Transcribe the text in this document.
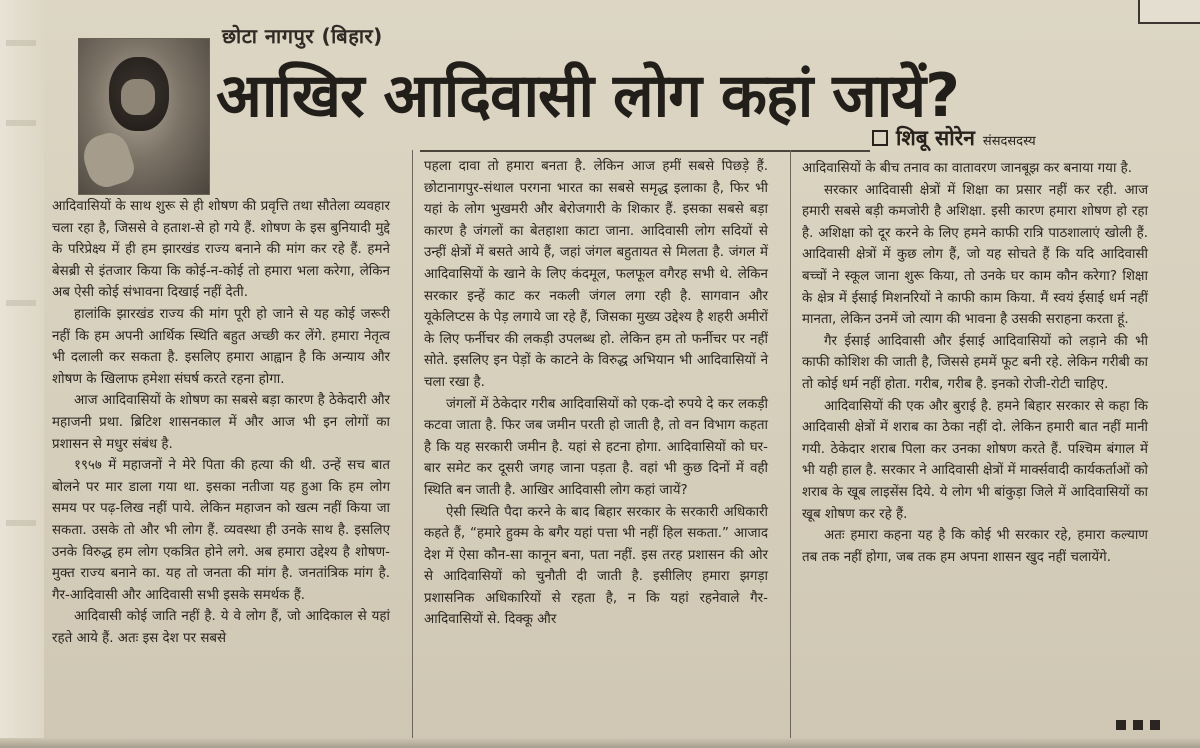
छोटा नागपुर (बिहार)
आखिर आदिवासी लोग कहां जायें?
शिबू सोरेन संसदसदस्य

आदिवासियों के साथ शुरू से ही शोषण की प्रवृत्ति तथा सौतेला व्यवहार चला रहा है, जिससे वे हताश-से हो गये हैं. शोषण के इस बुनियादी मुद्दे के परिप्रेक्ष्य में ही हम झारखंड राज्य बनाने की मांग कर रहे हैं. हमने बेसब्री से इंतजार किया कि कोई-न-कोई तो हमारा भला करेगा, लेकिन अब ऐसी कोई संभावना दिखाई नहीं देती.

हालांकि झारखंड राज्य की मांग पूरी हो जाने से यह कोई जरूरी नहीं कि हम अपनी आर्थिक स्थिति बहुत अच्छी कर लेंगे. हमारा नेतृत्व भी दलाली कर सकता है. इसलिए हमारा आह्वान है कि अन्याय और शोषण के खिलाफ हमेशा संघर्ष करते रहना होगा.

आज आदिवासियों के शोषण का सबसे बड़ा कारण है ठेकेदारी और महाजनी प्रथा. ब्रिटिश शासनकाल में और आज भी इन लोगों का प्रशासन से मधुर संबंध है.

१९५७ में महाजनों ने मेरे पिता की हत्या की थी. उन्हें सच बात बोलने पर मार डाला गया था. इसका नतीजा यह हुआ कि हम लोग समय पर पढ़-लिख नहीं पाये. लेकिन महाजन को खत्म नहीं किया जा सकता. उसके तो और भी लोग हैं. व्यवस्था ही उनके साथ है. इसलिए उनके विरुद्ध हम लोग एकत्रित होने लगे. अब हमारा उद्देश्य है शोषण-मुक्त राज्य बनाने का. यह तो जनता की मांग है. जनतांत्रिक मांग है. गैर-आदिवासी और आदिवासी सभी इसके समर्थक हैं.

आदिवासी कोई जाति नहीं है. ये वे लोग हैं, जो आदिकाल से यहां रहते आये हैं. अतः इस देश पर सबसे

पहला दावा तो हमारा बनता है. लेकिन आज हमीं सबसे पिछड़े हैं. छोटानागपुर-संथाल परगना भारत का सबसे समृद्ध इलाका है, फिर भी यहां के लोग भुखमरी और बेरोजगारी के शिकार हैं. इसका सबसे बड़ा कारण है जंगलों का बेतहाशा काटा जाना. आदिवासी लोग सदियों से उन्हीं क्षेत्रों में बसते आये हैं, जहां जंगल बहुतायत से मिलता है. जंगल में आदिवासियों के खाने के लिए कंदमूल, फलफूल वगैरह सभी थे. लेकिन सरकार इन्हें काट कर नकली जंगल लगा रही है. सागवान और यूकेलिप्टस के पेड़ लगाये जा रहे हैं, जिसका मुख्य उद्देश्य है शहरी अमीरों के लिए फर्नीचर की लकड़ी उपलब्ध हो. लेकिन हम तो फर्नीचर पर नहीं सोते. इसलिए इन पेड़ों के काटने के विरुद्ध अभियान भी आदिवासियों ने चला रखा है.

जंगलों में ठेकेदार गरीब आदिवासियों को एक-दो रुपये दे कर लकड़ी कटवा जाता है. फिर जब जमीन परती हो जाती है, तो वन विभाग कहता है कि यह सरकारी जमीन है. यहां से हटना होगा. आदिवासियों को घर-बार समेट कर दूसरी जगह जाना पड़ता है. वहां भी कुछ दिनों में वही स्थिति बन जाती है. आखिर आदिवासी लोग कहां जायें?

ऐसी स्थिति पैदा करने के बाद बिहार सरकार के सरकारी अधिकारी कहते हैं, “हमारे हुक्म के बगैर यहां पत्ता भी नहीं हिल सकता.” आजाद देश में ऐसा कौन-सा कानून बना, पता नहीं. इस तरह प्रशासन की ओर से आदिवासियों को चुनौती दी जाती है. इसीलिए हमारा झगड़ा प्रशासनिक अधिकारियों से रहता है, न कि यहां रहनेवाले गैर-आदिवासियों से. दिक्कू और

आदिवासियों के बीच तनाव का वातावरण जानबूझ कर बनाया गया है.

सरकार आदिवासी क्षेत्रों में शिक्षा का प्रसार नहीं कर रही. आज हमारी सबसे बड़ी कमजोरी है अशिक्षा. इसी कारण हमारा शोषण हो रहा है. अशिक्षा को दूर करने के लिए हमने काफी रात्रि पाठशालाएं खोली हैं. आदिवासी क्षेत्रों में कुछ लोग हैं, जो यह सोचते हैं कि यदि आदिवासी बच्चों ने स्कूल जाना शुरू किया, तो उनके घर काम कौन करेगा? शिक्षा के क्षेत्र में ईसाई मिशनरियों ने काफी काम किया. मैं स्वयं ईसाई धर्म नहीं मानता, लेकिन उनमें जो त्याग की भावना है उसकी सराहना करता हूं.

गैर ईसाई आदिवासी और ईसाई आदिवासियों को लड़ाने की भी काफी कोशिश की जाती है, जिससे हममें फूट बनी रहे. लेकिन गरीबी का तो कोई धर्म नहीं होता. गरीब, गरीब है. इनको रोजी-रोटी चाहिए.

आदिवासियों की एक और बुराई है. हमने बिहार सरकार से कहा कि आदिवासी क्षेत्रों में शराब का ठेका नहीं दो. लेकिन हमारी बात नहीं मानी गयी. ठेकेदार शराब पिला कर उनका शोषण करते हैं. पश्चिम बंगाल में भी यही हाल है. सरकार ने आदिवासी क्षेत्रों में मार्क्सवादी कार्यकर्ताओं को शराब के खूब लाइसेंस दिये. ये लोग भी बांकुड़ा जिले में आदिवासियों का खूब शोषण कर रहे हैं.

अतः हमारा कहना यह है कि कोई भी सरकार रहे, हमारा कल्याण तब तक नहीं होगा, जब तक हम अपना शासन खुद नहीं चलायेंगे.
